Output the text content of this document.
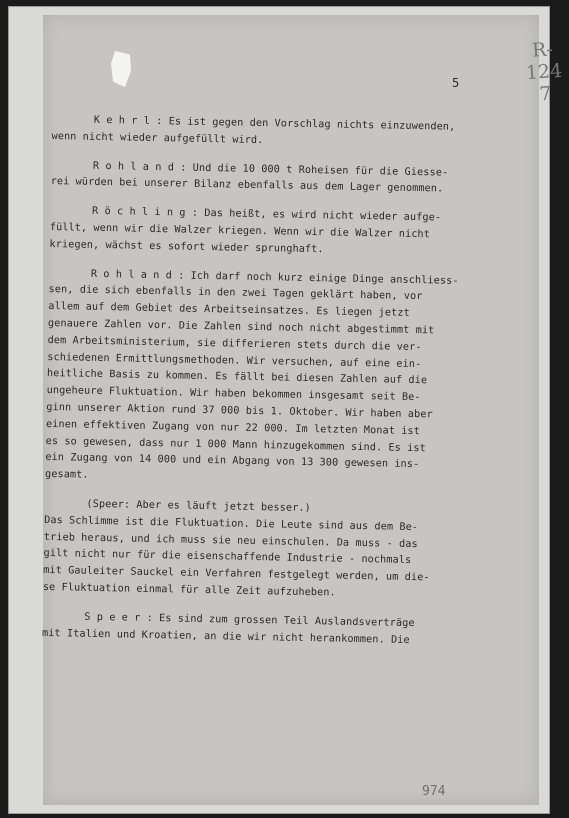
R-124
7
5
K e h r l : Es ist gegen den Vorschlag nichts einzuwenden,
wenn nicht wieder aufgefüllt wird.
R o h l a n d : Und die 10 000 t Roheisen für die Giesse-
rei würden bei unserer Bilanz ebenfalls aus dem Lager genommen.
R ö c h l i n g : Das heißt, es wird nicht wieder aufge-
füllt, wenn wir die Walzer kriegen. Wenn wir die Walzer nicht
kriegen, wächst es sofort wieder sprunghaft.
R o h l a n d : Ich darf noch kurz einige Dinge anschliess-
sen, die sich ebenfalls in den zwei Tagen geklärt haben, vor
allem auf dem Gebiet des Arbeitseinsatzes. Es liegen jetzt
genauere Zahlen vor. Die Zahlen sind noch nicht abgestimmt mit
dem Arbeitsministerium, sie differieren stets durch die ver-
schiedenen Ermittlungsmethoden. Wir versuchen, auf eine ein-
heitliche Basis zu kommen. Es fällt bei diesen Zahlen auf die
ungeheure Fluktuation. Wir haben bekommen insgesamt seit Be-
ginn unserer Aktion rund 37 000 bis 1. Oktober. Wir haben aber
einen effektiven Zugang von nur 22 000. Im letzten Monat ist
es so gewesen, dass nur 1 000 Mann hinzugekommen sind. Es ist
ein Zugang von 14 000 und ein Abgang von 13 300 gewesen ins-
gesamt.
(Speer: Aber es läuft jetzt besser.)
Das Schlimme ist die Fluktuation. Die Leute sind aus dem Be-
trieb heraus, und ich muss sie neu einschulen. Da muss - das
gilt nicht nur für die eisenschaffende Industrie - nochmals
mit Gauleiter Sauckel ein Verfahren festgelegt werden, um die-
se Fluktuation einmal für alle Zeit aufzuheben.
S p e e r : Es sind zum grossen Teil Auslandsverträge
mit Italien und Kroatien, an die wir nicht herankommen. Die
974
